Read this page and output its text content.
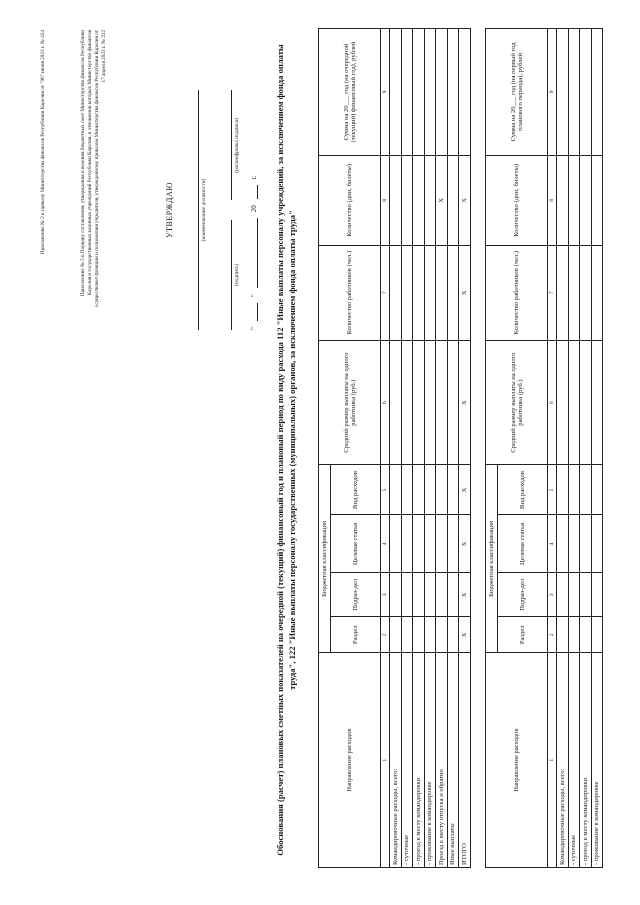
Приложение № 2 к приказу Министерства финансов Республики Карелия от "06" июня 2023 г. № 424	Приложение № 5 к Порядку составления, утверждения и ведения бюджетных смет Министерства финансов Республики Карелия и государственных казенных учреждений Республики Карелия, в отношении которых Министерство финансов осуществляет функции и полномочия учредителя, утвержденному приказом Министерства финансов Республики Карелия от 17 апреля 2023 г. № 222
УТВЕРЖДАЮ	(наименование должности)
(подпись)
(расшифровка подписи)
"
"
20
г. Обоснования (расчет) плановых сметных показателей на очередной (текущий) финансовый год и плановый период по виду расхода 112 "Иные выплаты персоналу учреждений, за исключением фонда оплаты труда", 122 "Иные выплаты персоналу государственных (муниципальных) органов, за исключением фонда оплаты труда"
Направление расходов	Бюджетная классификация				Средний размер выплаты на одного работника (руб.)	Количество работников (чел.)	Количество (дни, билеты)	Сумма на 20___ год (на очередной (текущий) финансовый год), рублей
	Раздел	Подраз-дел	Целевая статья	Вид расходов				
1	2	3	4	5	6	7	8	9
Командировочные расходы, всего:								
- суточные								
- проезд к месту командировки								
- проживание в командировке								
Проезд к месту отпуска и обратно							Х	
Иные выплаты								
ИТОГО	Х	Х	Х	Х	Х	Х	Х	
Направление расходов	Бюджетная классификация				Средний размер выплаты на одного работника (руб.)	Количество работников (чел.)	Количество (дни, билеты)	Сумма на 20___ год (на первый год планового периода), рублей
	Раздел	Подраз-дел	Целевая статья	Вид расходов				
1	2	3	4	5	6	7	8	9
Командировочные расходы, всего:								
- суточные								
- проезд к месту командировки								
- проживание в командировке								
